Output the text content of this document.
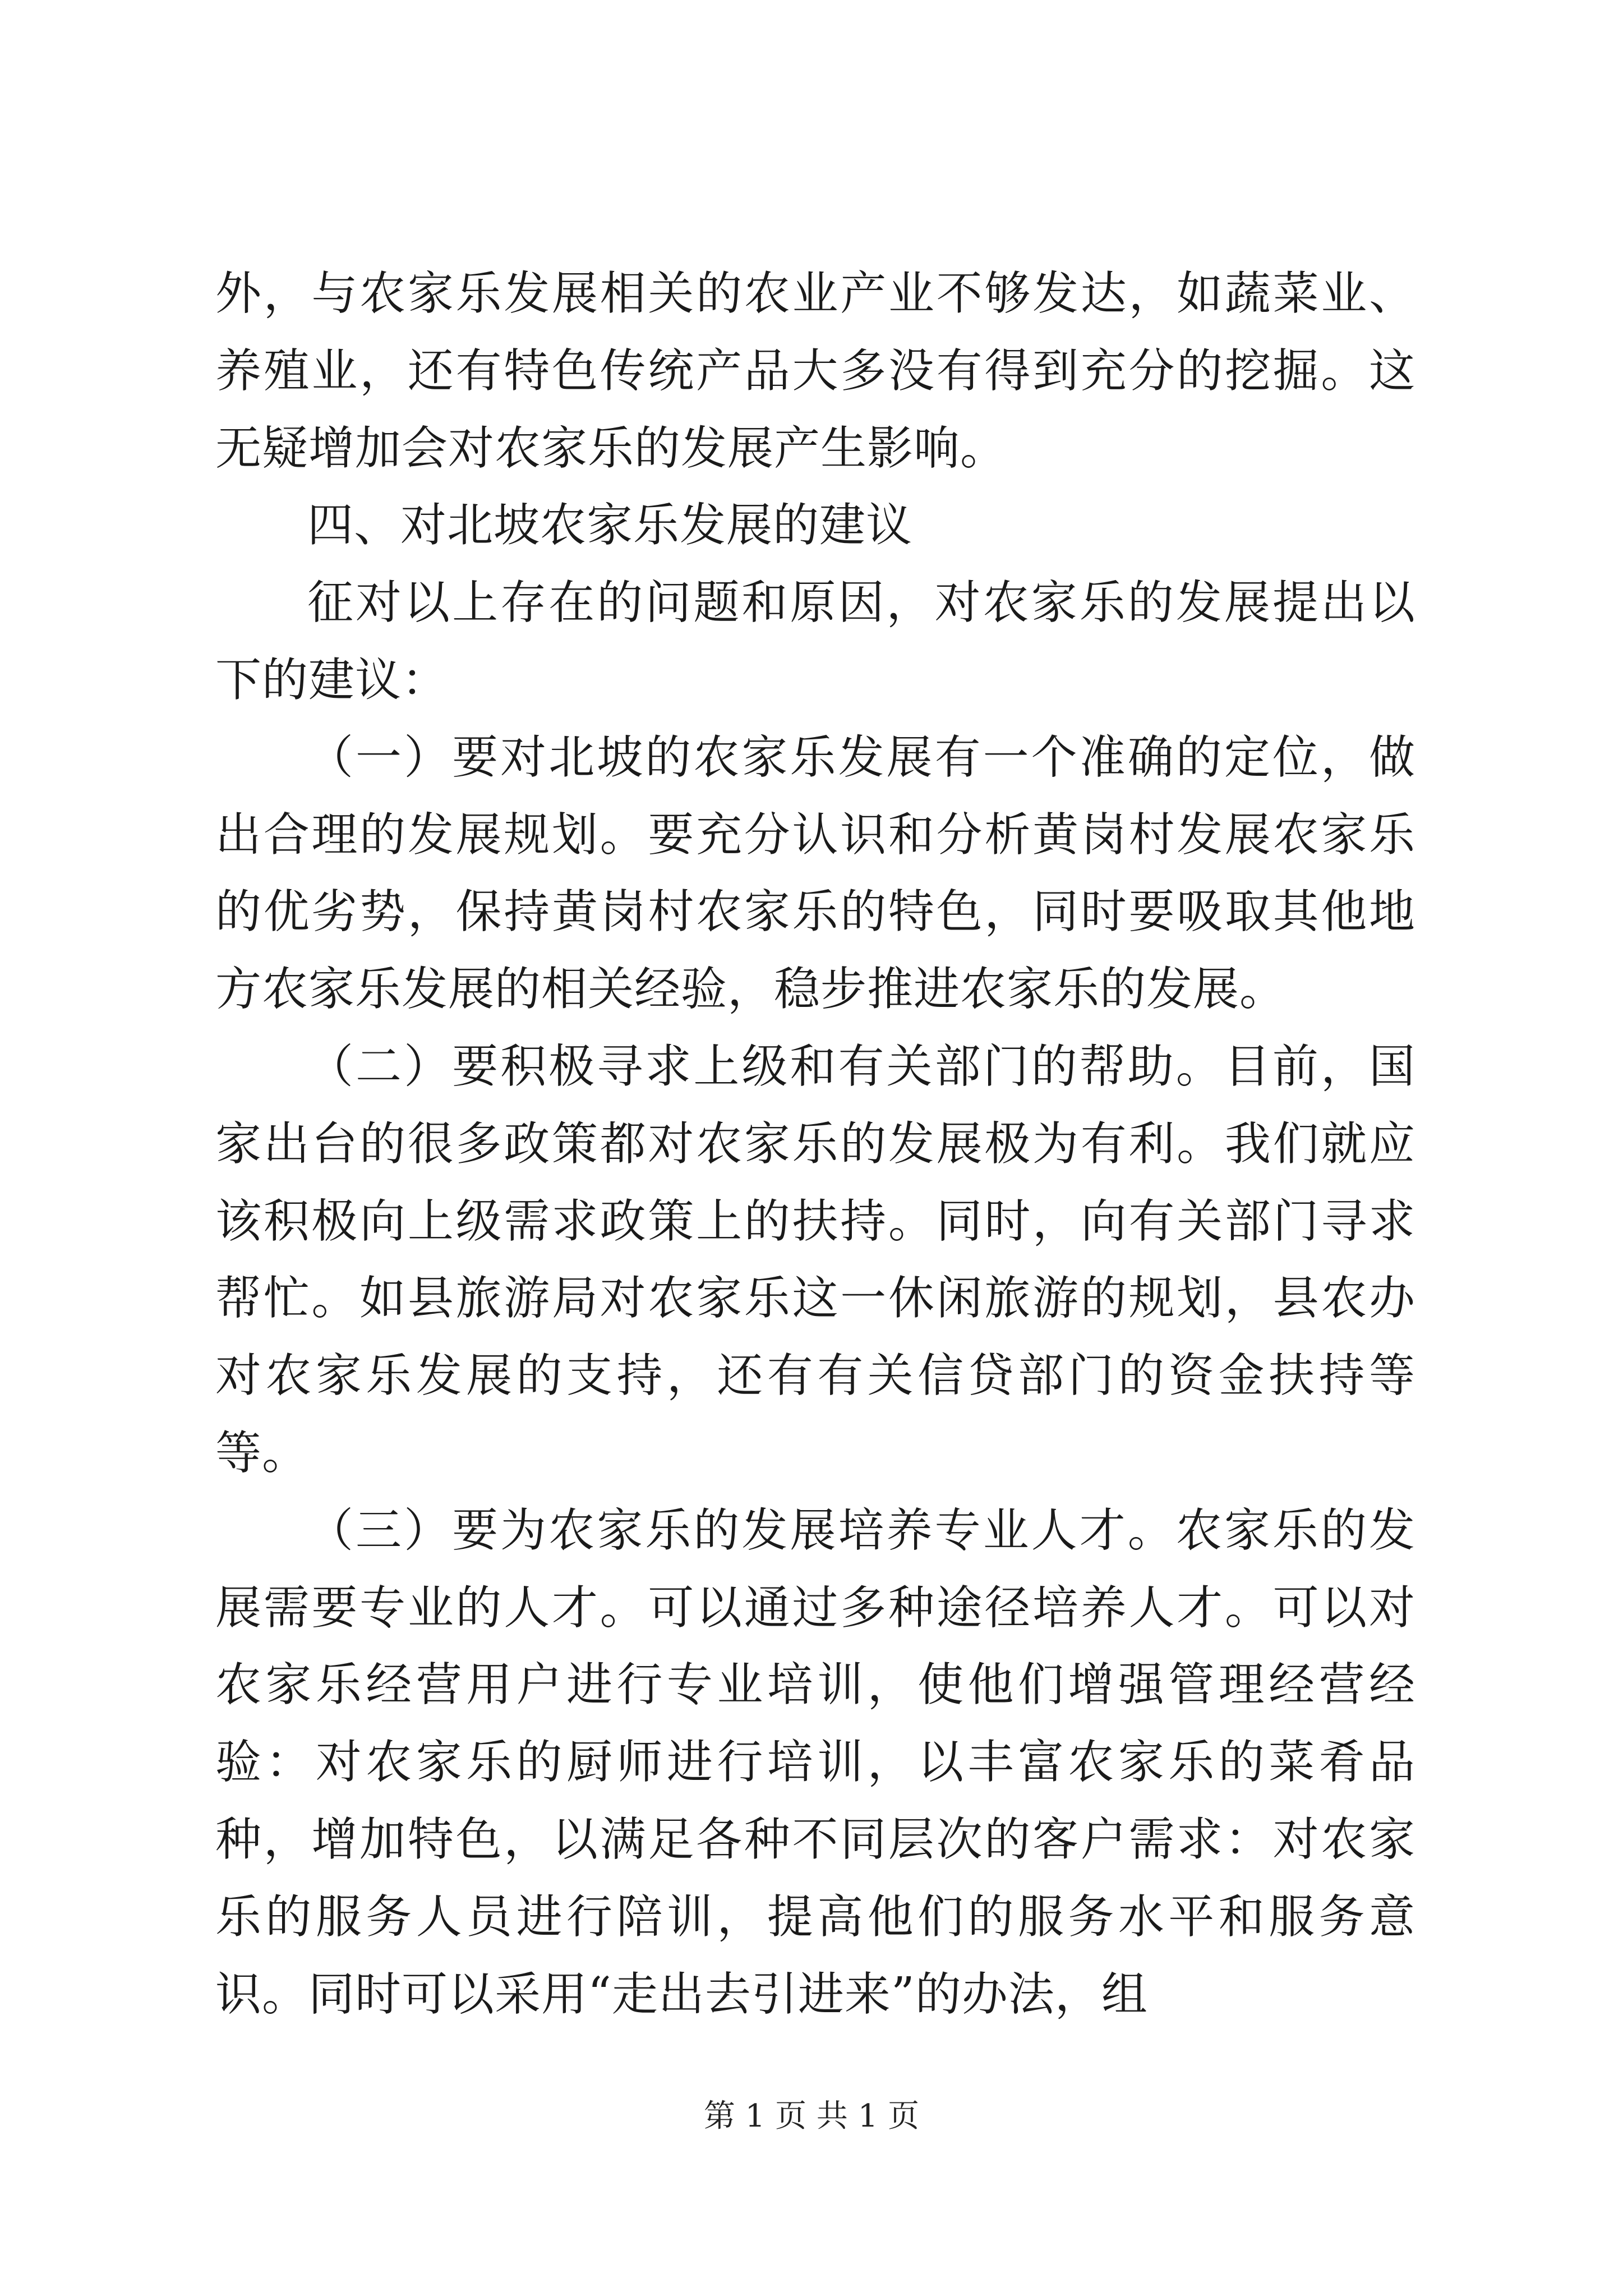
外，与农家乐发展相关的农业产业不够发达，如蔬菜业、养殖业，还有特色传统产品大多没有得到充分的挖掘。这无疑增加会对农家乐的发展产生影响。

四、对北坡农家乐发展的建议

征对以上存在的问题和原因，对农家乐的发展提出以下的建议：

（一）要对北坡的农家乐发展有一个准确的定位，做出合理的发展规划。要充分认识和分析黄岗村发展农家乐的优劣势，保持黄岗村农家乐的特色，同时要吸取其他地方农家乐发展的相关经验，稳步推进农家乐的发展。

（二）要积极寻求上级和有关部门的帮助。目前，国家出台的很多政策都对农家乐的发展极为有利。我们就应该积极向上级需求政策上的扶持。同时，向有关部门寻求帮忙。如县旅游局对农家乐这一休闲旅游的规划，县农办对农家乐发展的支持，还有有关信贷部门的资金扶持等等。

（三）要为农家乐的发展培养专业人才。农家乐的发展需要专业的人才。可以通过多种途径培养人才。可以对农家乐经营用户进行专业培训，使他们增强管理经营经验：对农家乐的厨师进行培训，以丰富农家乐的菜肴品种，增加特色，以满足各种不同层次的客户需求：对农家乐的服务人员进行陪训，提高他们的服务水平和服务意识。同时可以采用“走出去引进来”的办法，组

第 1 页 共 1 页
